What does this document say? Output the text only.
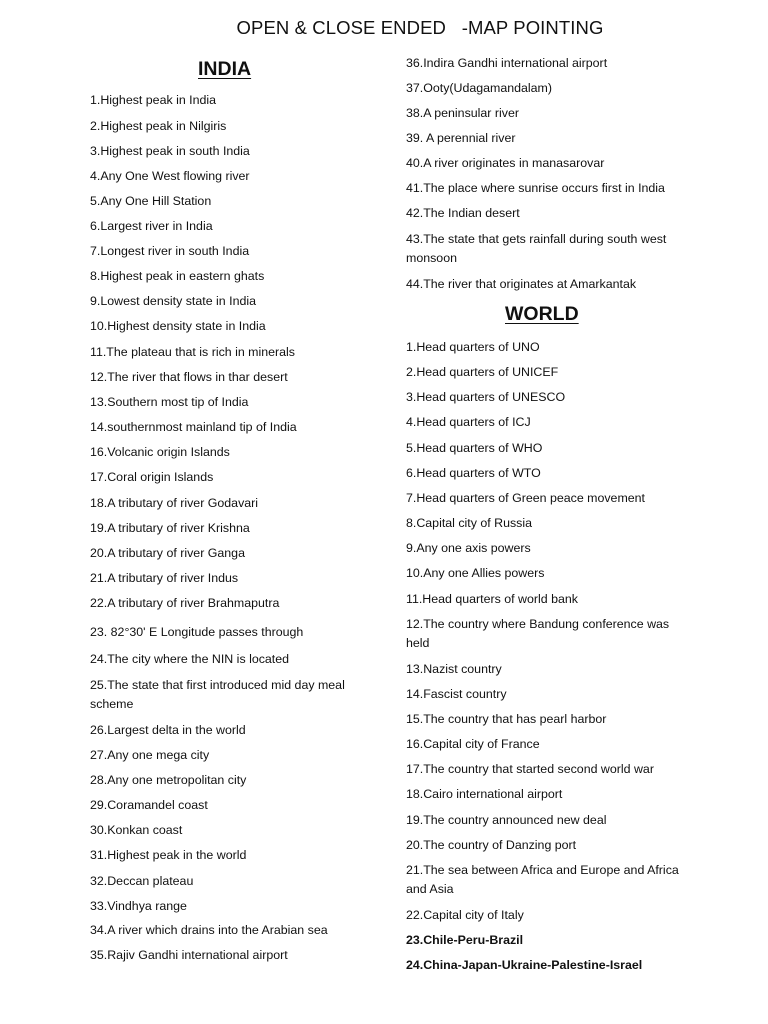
OPEN & CLOSE ENDED   -MAP POINTING
INDIA
1.Highest peak in India
2.Highest peak in Nilgiris
3.Highest peak in south India
4.Any One West flowing river
5.Any One Hill Station
6.Largest river in India
7.Longest river in south India
8.Highest peak in eastern ghats
9.Lowest density state in India
10.Highest density state in India
11.The plateau that is rich in minerals
12.The river that flows in thar desert
13.Southern most tip of India
14.southernmost mainland tip of India
16.Volcanic origin Islands
17.Coral origin Islands
18.A tributary of river Godavari
19.A tributary of river Krishna
20.A tributary of river Ganga
21.A tributary of river Indus
22.A tributary of river Brahmaputra
23. 82°30' E Longitude passes through
24.The city where the NIN is located
25.The state that first introduced mid day meal scheme
26.Largest delta in the world
27.Any one mega city
28.Any one metropolitan city
29.Coramandel coast
30.Konkan coast
31.Highest peak in the world
32.Deccan plateau
33.Vindhya range
34.A river which drains into the Arabian sea
35.Rajiv Gandhi international airport
36.Indira Gandhi international airport
37.Ooty(Udagamandalam)
38.A peninsular river
39. A perennial river
40.A river originates in manasarovar
41.The place where sunrise occurs first in India
42.The Indian desert
43.The state that gets rainfall during south west monsoon
44.The river that originates at Amarkantak
WORLD
1.Head quarters of UNO
2.Head quarters of UNICEF
3.Head quarters of UNESCO
4.Head quarters of ICJ
5.Head quarters of WHO
6.Head quarters of WTO
7.Head quarters of Green peace movement
8.Capital city of Russia
9.Any one axis powers
10.Any one Allies powers
11.Head quarters of world bank
12.The country where Bandung conference was held
13.Nazist country
14.Fascist country
15.The country that has pearl harbor
16.Capital city of France
17.The country that started second world war
18.Cairo international airport
19.The country announced new deal
20.The country of Danzing port
21.The sea between Africa and Europe and Africa and Asia
22.Capital city of Italy
23.Chile-Peru-Brazil
24.China-Japan-Ukraine-Palestine-Israel
